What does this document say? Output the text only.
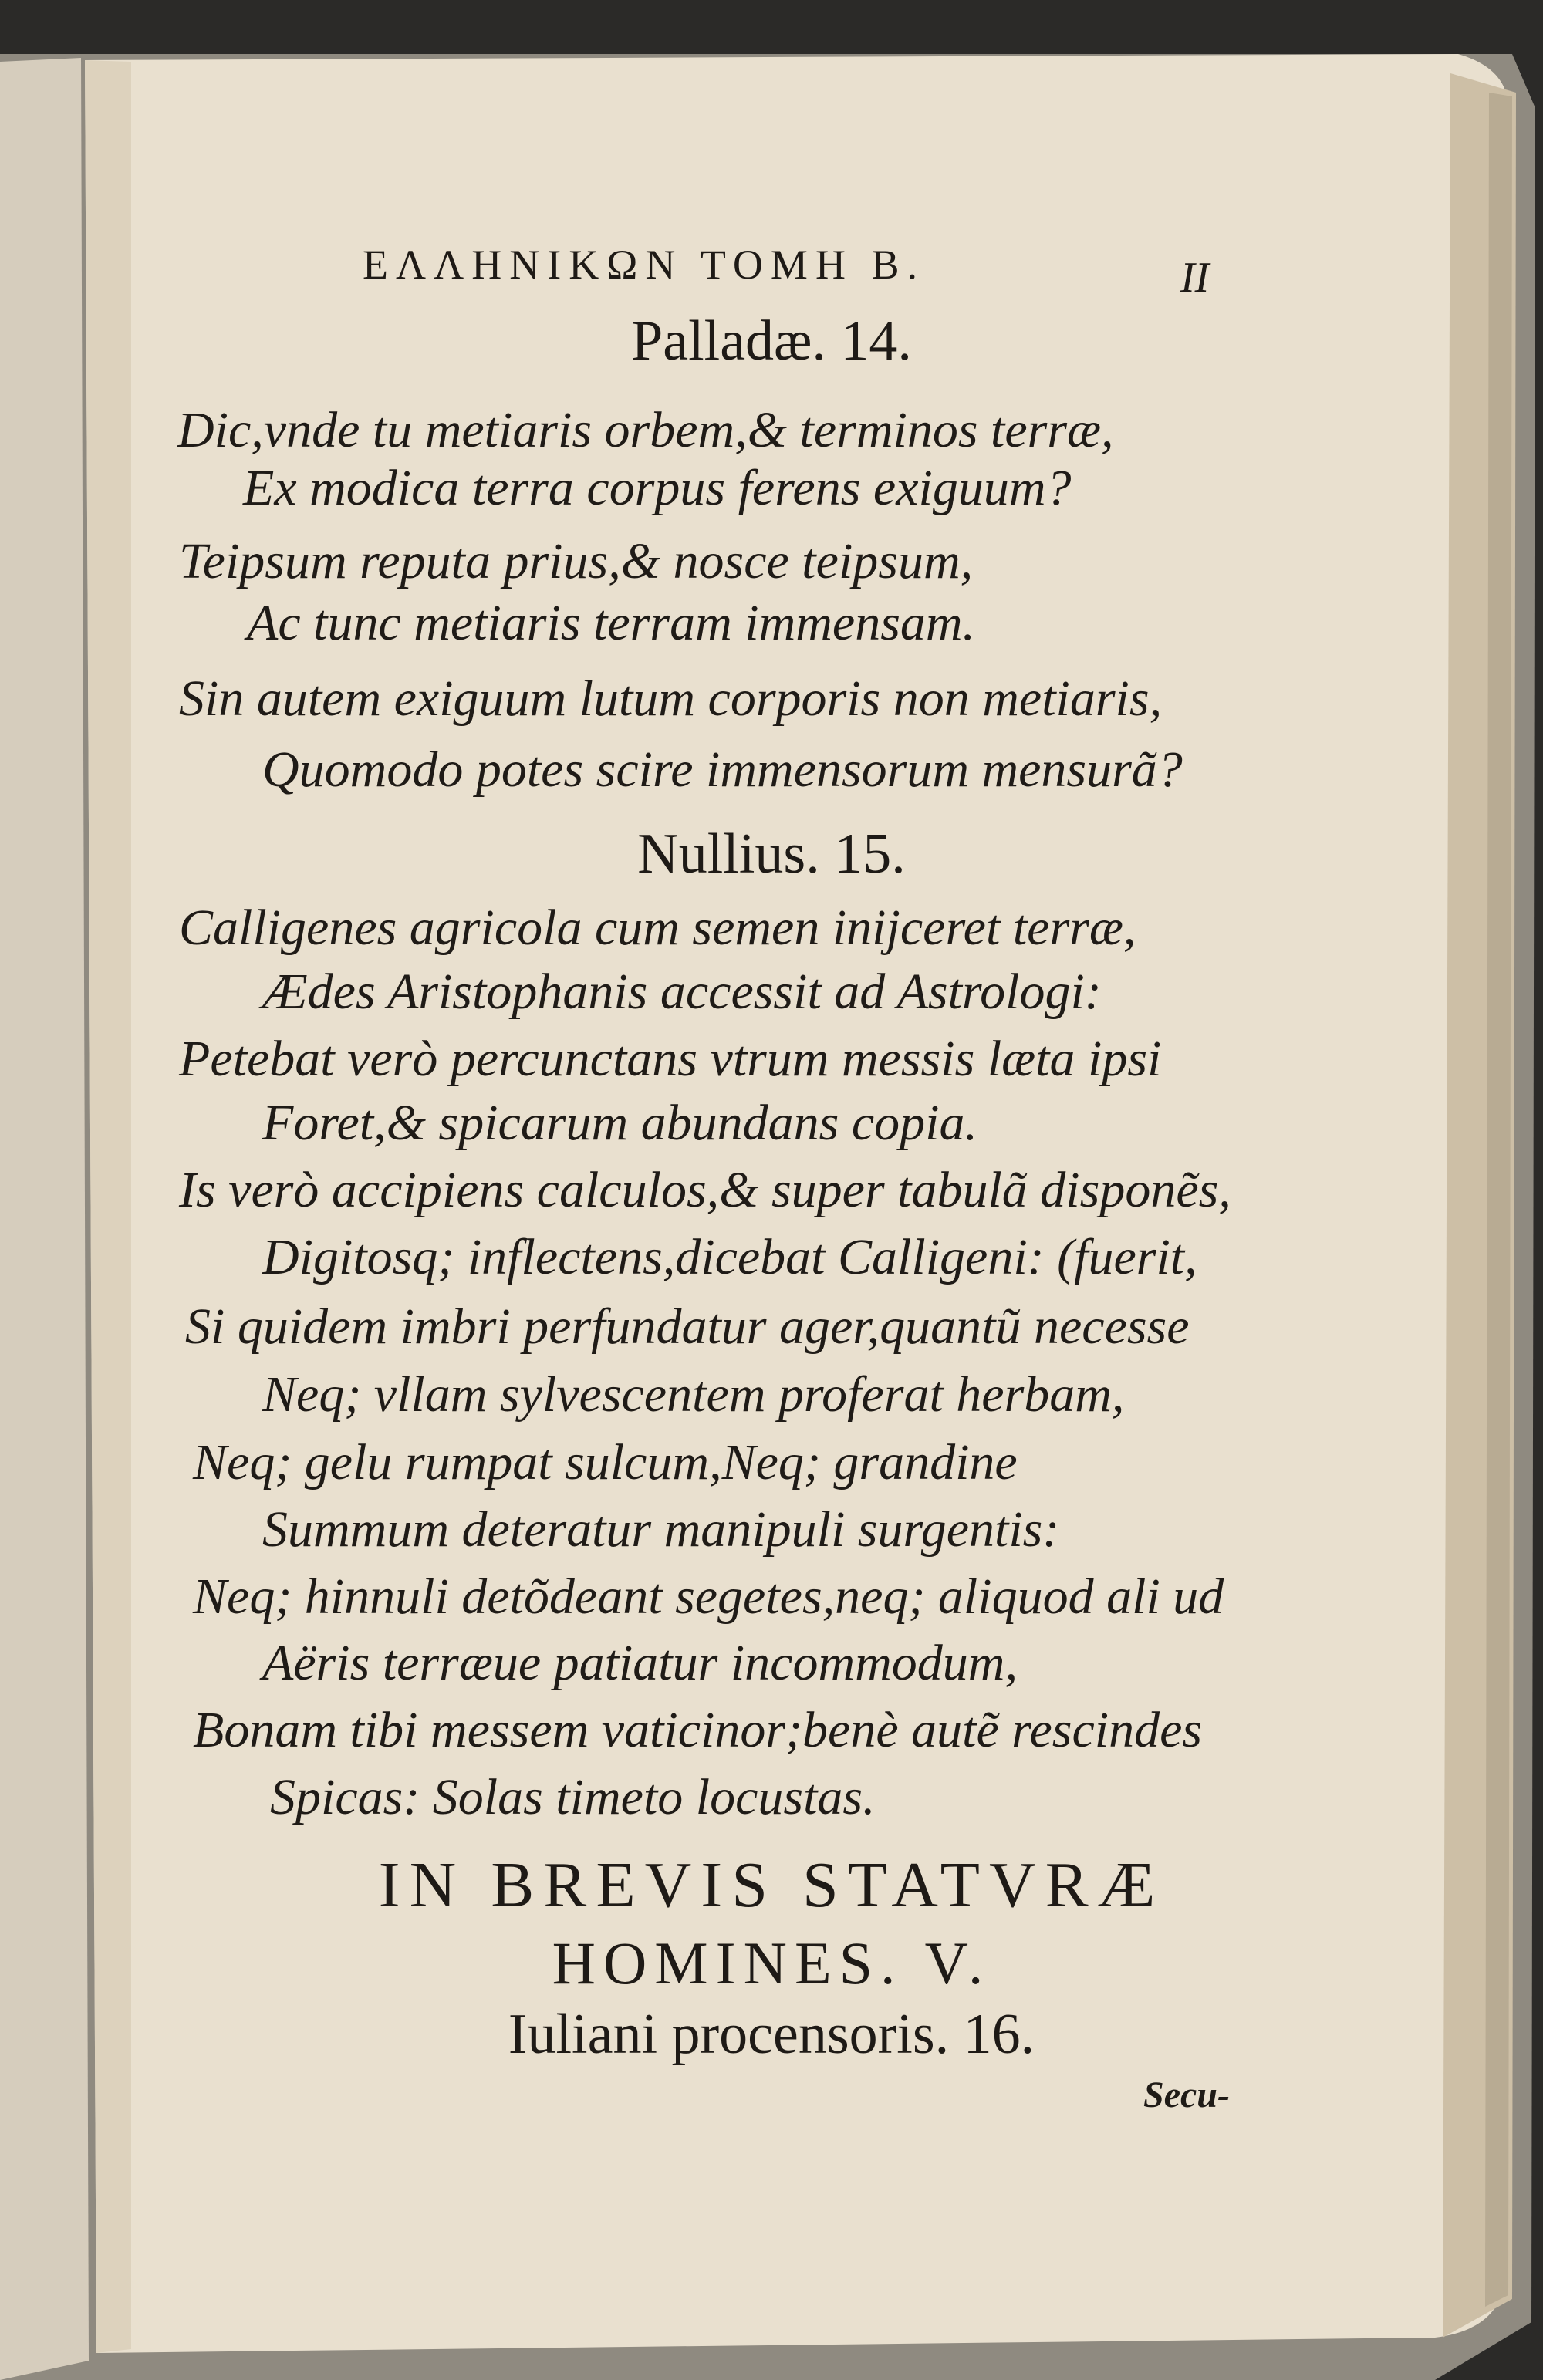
ΕΛΛΗΝΙΚΩΝ ΤΟΜΗ Β.	II
Palladæ. 14.
Dic,vnde tu metiaris orbem,& terminos terræ,
Ex modica terra corpus ferens exiguum?
Teipsum reputa prius,& nosce teipsum,
Ac tunc metiaris terram immensam.
Sin autem exiguum lutum corporis non metiaris,
Quomodo potes scire immensorum mensurã?
Nullius. 15.
Calligenes agricola cum semen inijceret terræ,
Ædes Aristophanis accessit ad Astrologi:
Petebat verò percunctans vtrum messis læta ipsi
Foret,& spicarum abundans copia.
Is verò accipiens calculos,& super tabulã disponẽs,
Digitosq; inflectens,dicebat Calligeni: (fuerit,
Si quidem imbri perfundatur ager,quantũ necesse
Neq; vllam sylvescentem proferat herbam,
Neq; gelu rumpat sulcum,Neq; grandine
Summum deteratur manipuli surgentis:
Neq; hinnuli detõdeant segetes,neq; aliquod ali ud
Aëris terræue patiatur incommodum,
Bonam tibi messem vaticinor;benè autẽ rescindes
Spicas: Solas timeto locustas.
IN BREVIS STATVRÆ
HOMINES. V.
Iuliani procensoris. 16.
Secu-
